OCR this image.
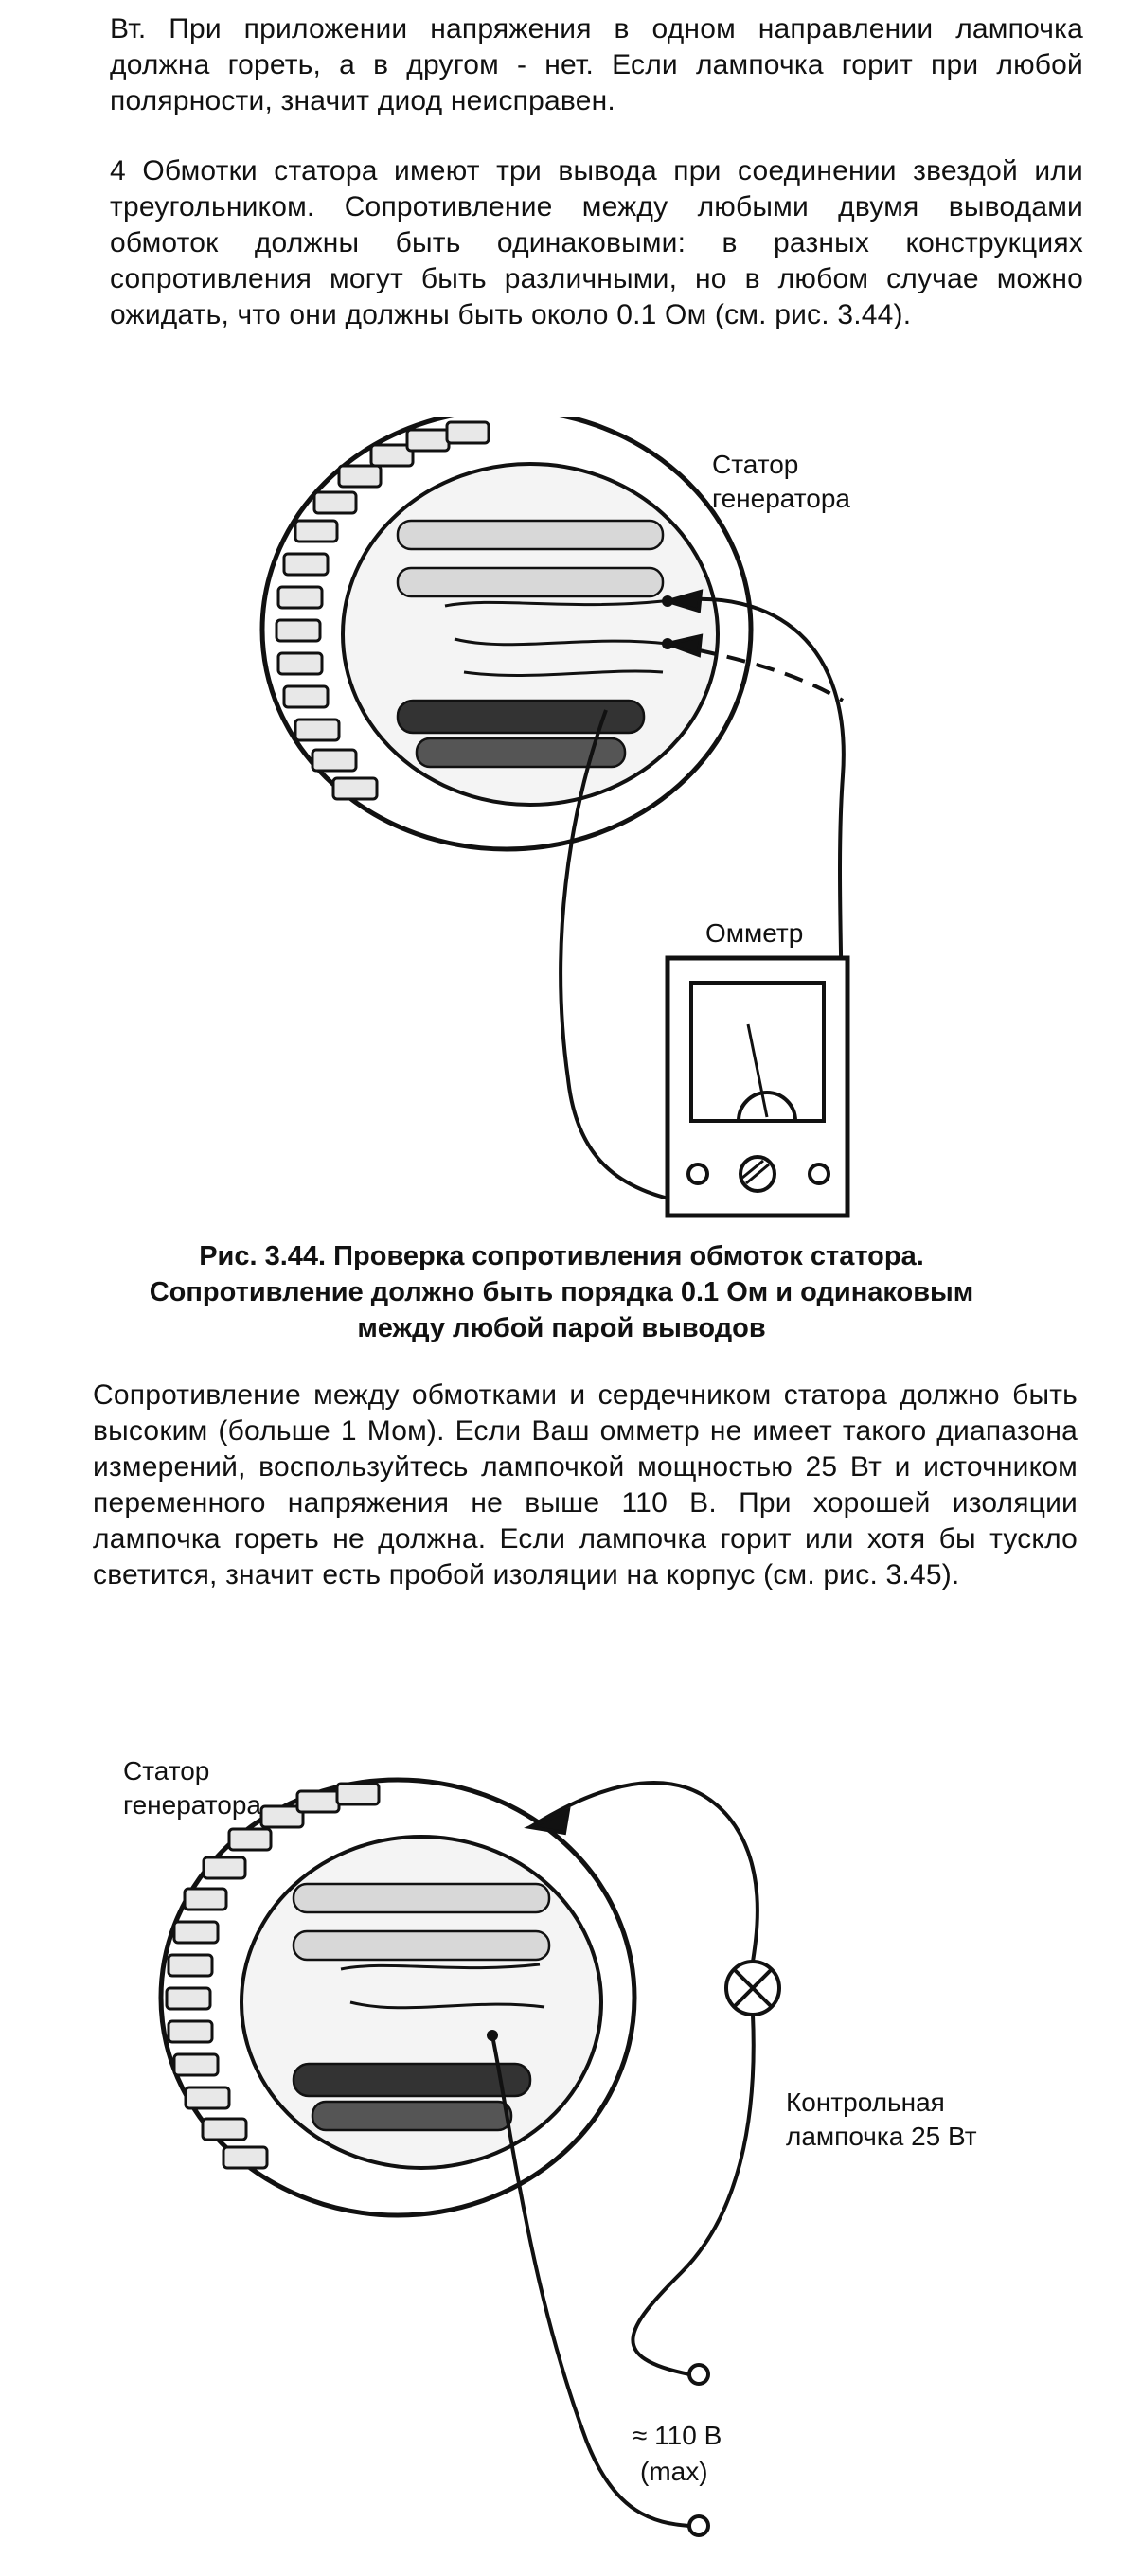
Вт. При приложении напряжения в одном направлении лампочка должна гореть, а в другом - нет. Если лампочка горит при любой полярности, значит диод неисправен.

4 Обмотки статора имеют три вывода при соединении звездой или треугольником. Сопротивление между любыми двумя выводами обмоток должны быть одинаковыми: в разных конструкциях сопротивления могут быть различными, но в любом случае можно ожидать, что они должны быть около 0.1 Ом (см. рис. 3.44).

Статор
генератора
Омметр
Рис. 3.44. Проверка сопротивления обмоток статора.
Сопротивление должно быть порядка 0.1 Ом и одинаковым
между любой парой выводов

Сопротивление между обмотками и сердечником статора должно быть высоким (больше 1 Мом). Если Ваш омметр не имеет такого диапазона измерений, воспользуйтесь лампочкой мощностью 25 Вт и источником переменного напряжения не выше 110 В. При хорошей изоляции лампочка гореть не должна. Если лампочка горит или хотя бы тускло светится, значит есть пробой изоляции на корпус (см. рис. 3.45).

Статор
генератора
Контрольная
лампочка 25 Вт
≈ 110 В
(max)
